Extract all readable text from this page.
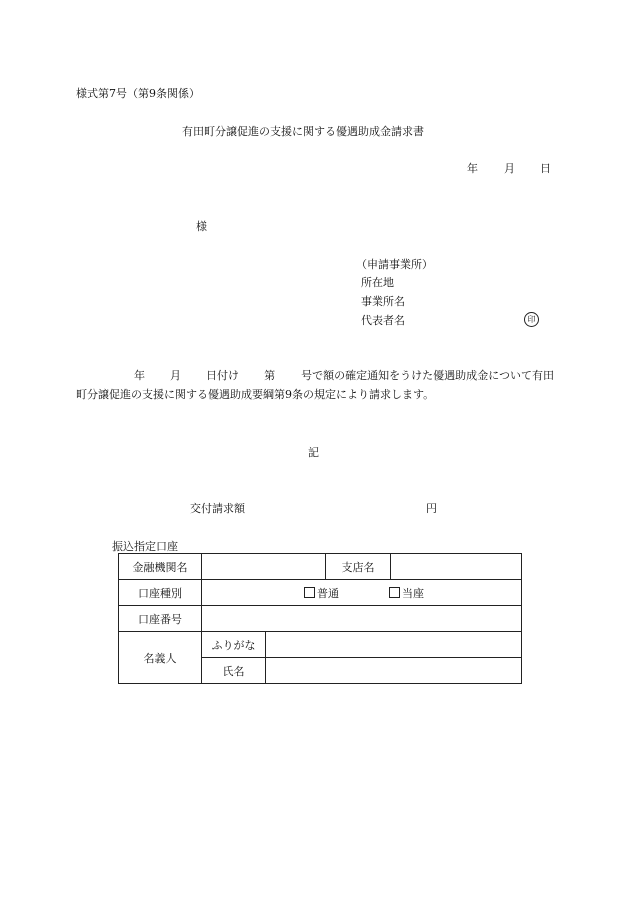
様式第7号（第9条関係）
有田町分譲促進の支援に関する優遇助成金請求書
年 月 日
様
（申請事業所）
所在地
事業所名
代表者名	印
年 月 日付け 第 号で額の確定通知をうけた優遇助成金について有田町分譲促進の支援に関する優遇助成要綱第9条の規定により請求します。
記
交付請求額	円
振込指定口座
金融機関名			支店名	
口座種別	普通 当座			
口座番号				
名義人	ふりがな			
	氏名			
